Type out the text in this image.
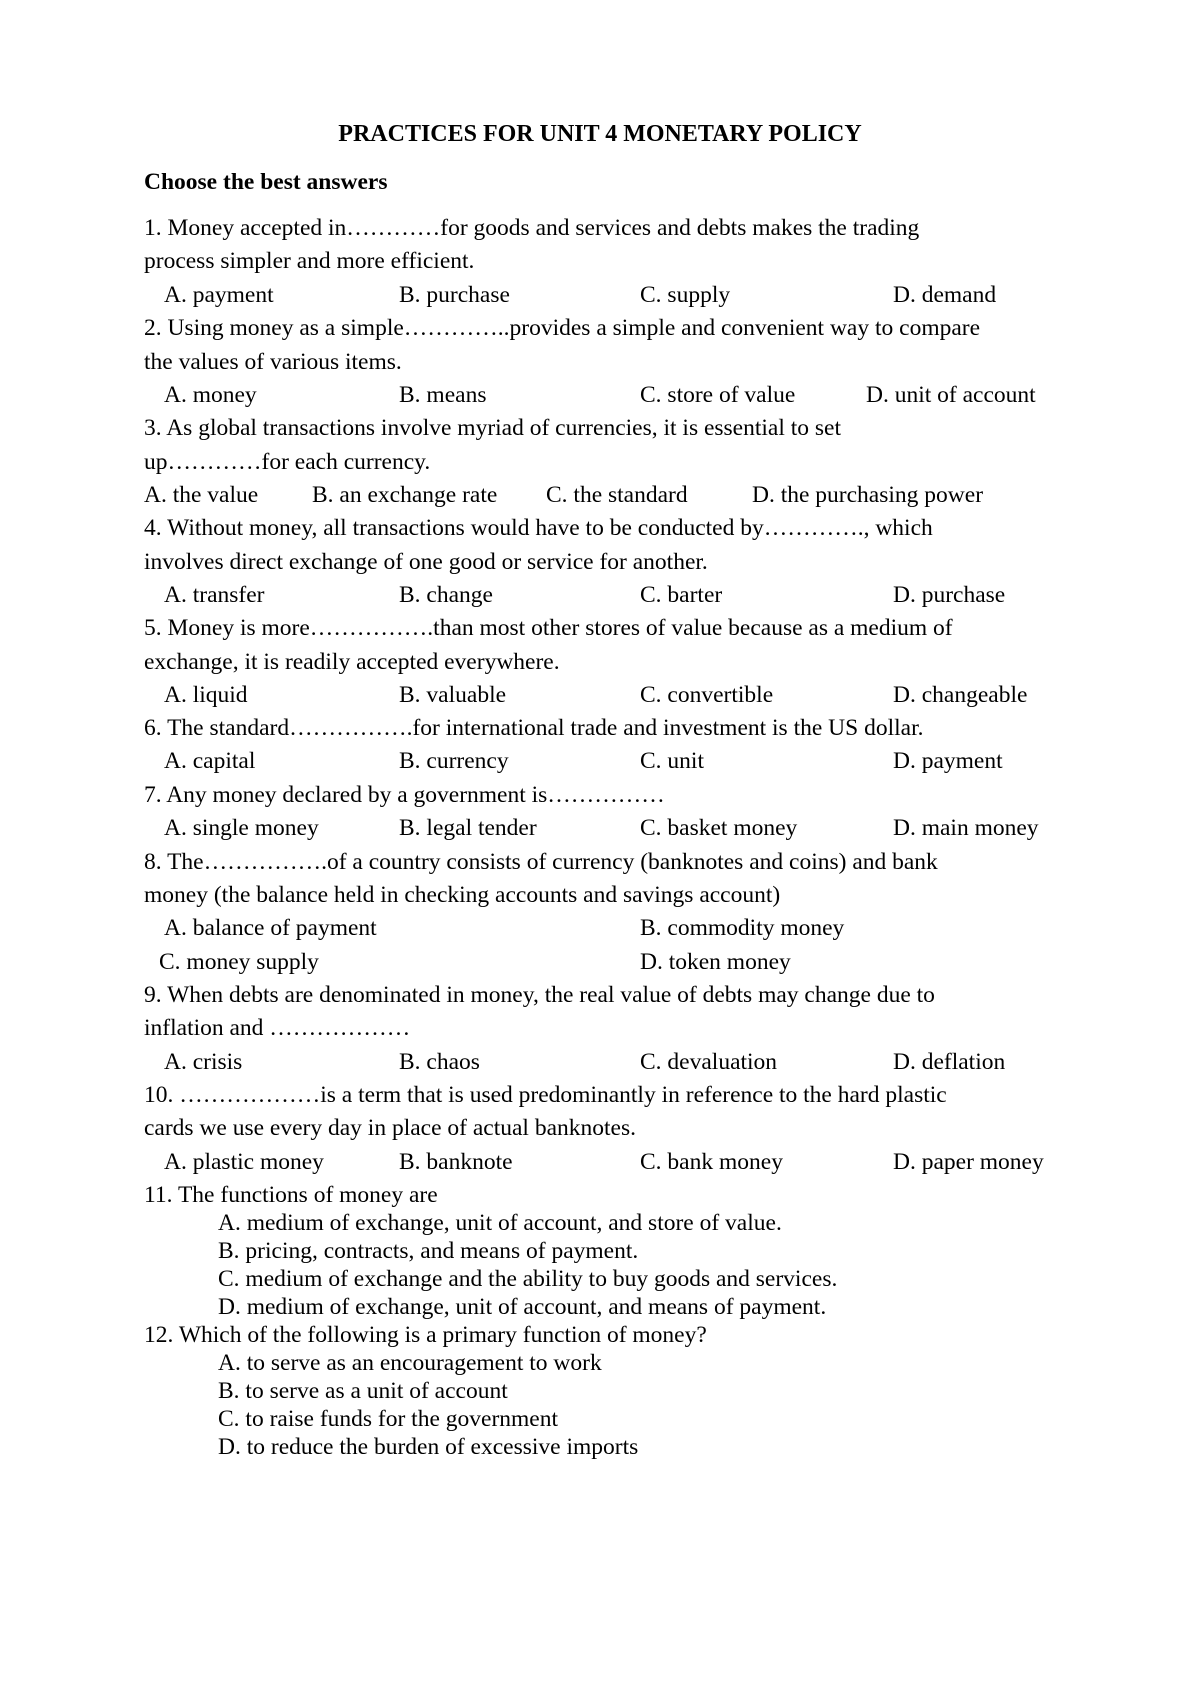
PRACTICES FOR UNIT 4 MONETARY POLICY
Choose the best answers
1. Money accepted in…………for goods and services and debts makes the trading
process simpler and more efficient.
A. payment	B. purchase	C. supply	D. demand
2. Using money as a simple…………..provides a simple and convenient way to compare
the values of various items.
A. money	B. means	C. store of value	D. unit of account
3. As global transactions involve myriad of currencies, it is essential to set
up…………for each currency.
A. the value B. an exchange rate C. the standard	D. the purchasing power
4. Without money, all transactions would have to be conducted by…………., which
involves direct exchange of one good or service for another.
A. transfer	B. change	C. barter	D. purchase
5. Money is more…………….than most other stores of value because as a medium of
exchange, it is readily accepted everywhere.
A. liquid	B. valuable	C. convertible	D. changeable
6. The standard…………….for international trade and investment is the US dollar.
A. capital	B. currency	C. unit	D. payment
7. Any money declared by a government is……………
A. single money	B. legal tender	C. basket money	D. main money
8. The…………….of a country consists of currency (banknotes and coins) and bank
money (the balance held in checking accounts and savings account)
A. balance of payment	B. commodity money
C. money supply	D. token money
9. When debts are denominated in money, the real value of debts may change due to
inflation and ………………
A. crisis	B. chaos	C. devaluation	D. deflation
10. ………………is a term that is used predominantly in reference to the hard plastic
cards we use every day in place of actual banknotes.
A. plastic money	B. banknote	C. bank money	D. paper money
11. The functions of money are
A. medium of exchange, unit of account, and store of value.
B. pricing, contracts, and means of payment.
C. medium of exchange and the ability to buy goods and services.
D. medium of exchange, unit of account, and means of payment.
12. Which of the following is a primary function of money?
A. to serve as an encouragement to work
B. to serve as a unit of account
C. to raise funds for the government
D. to reduce the burden of excessive imports
